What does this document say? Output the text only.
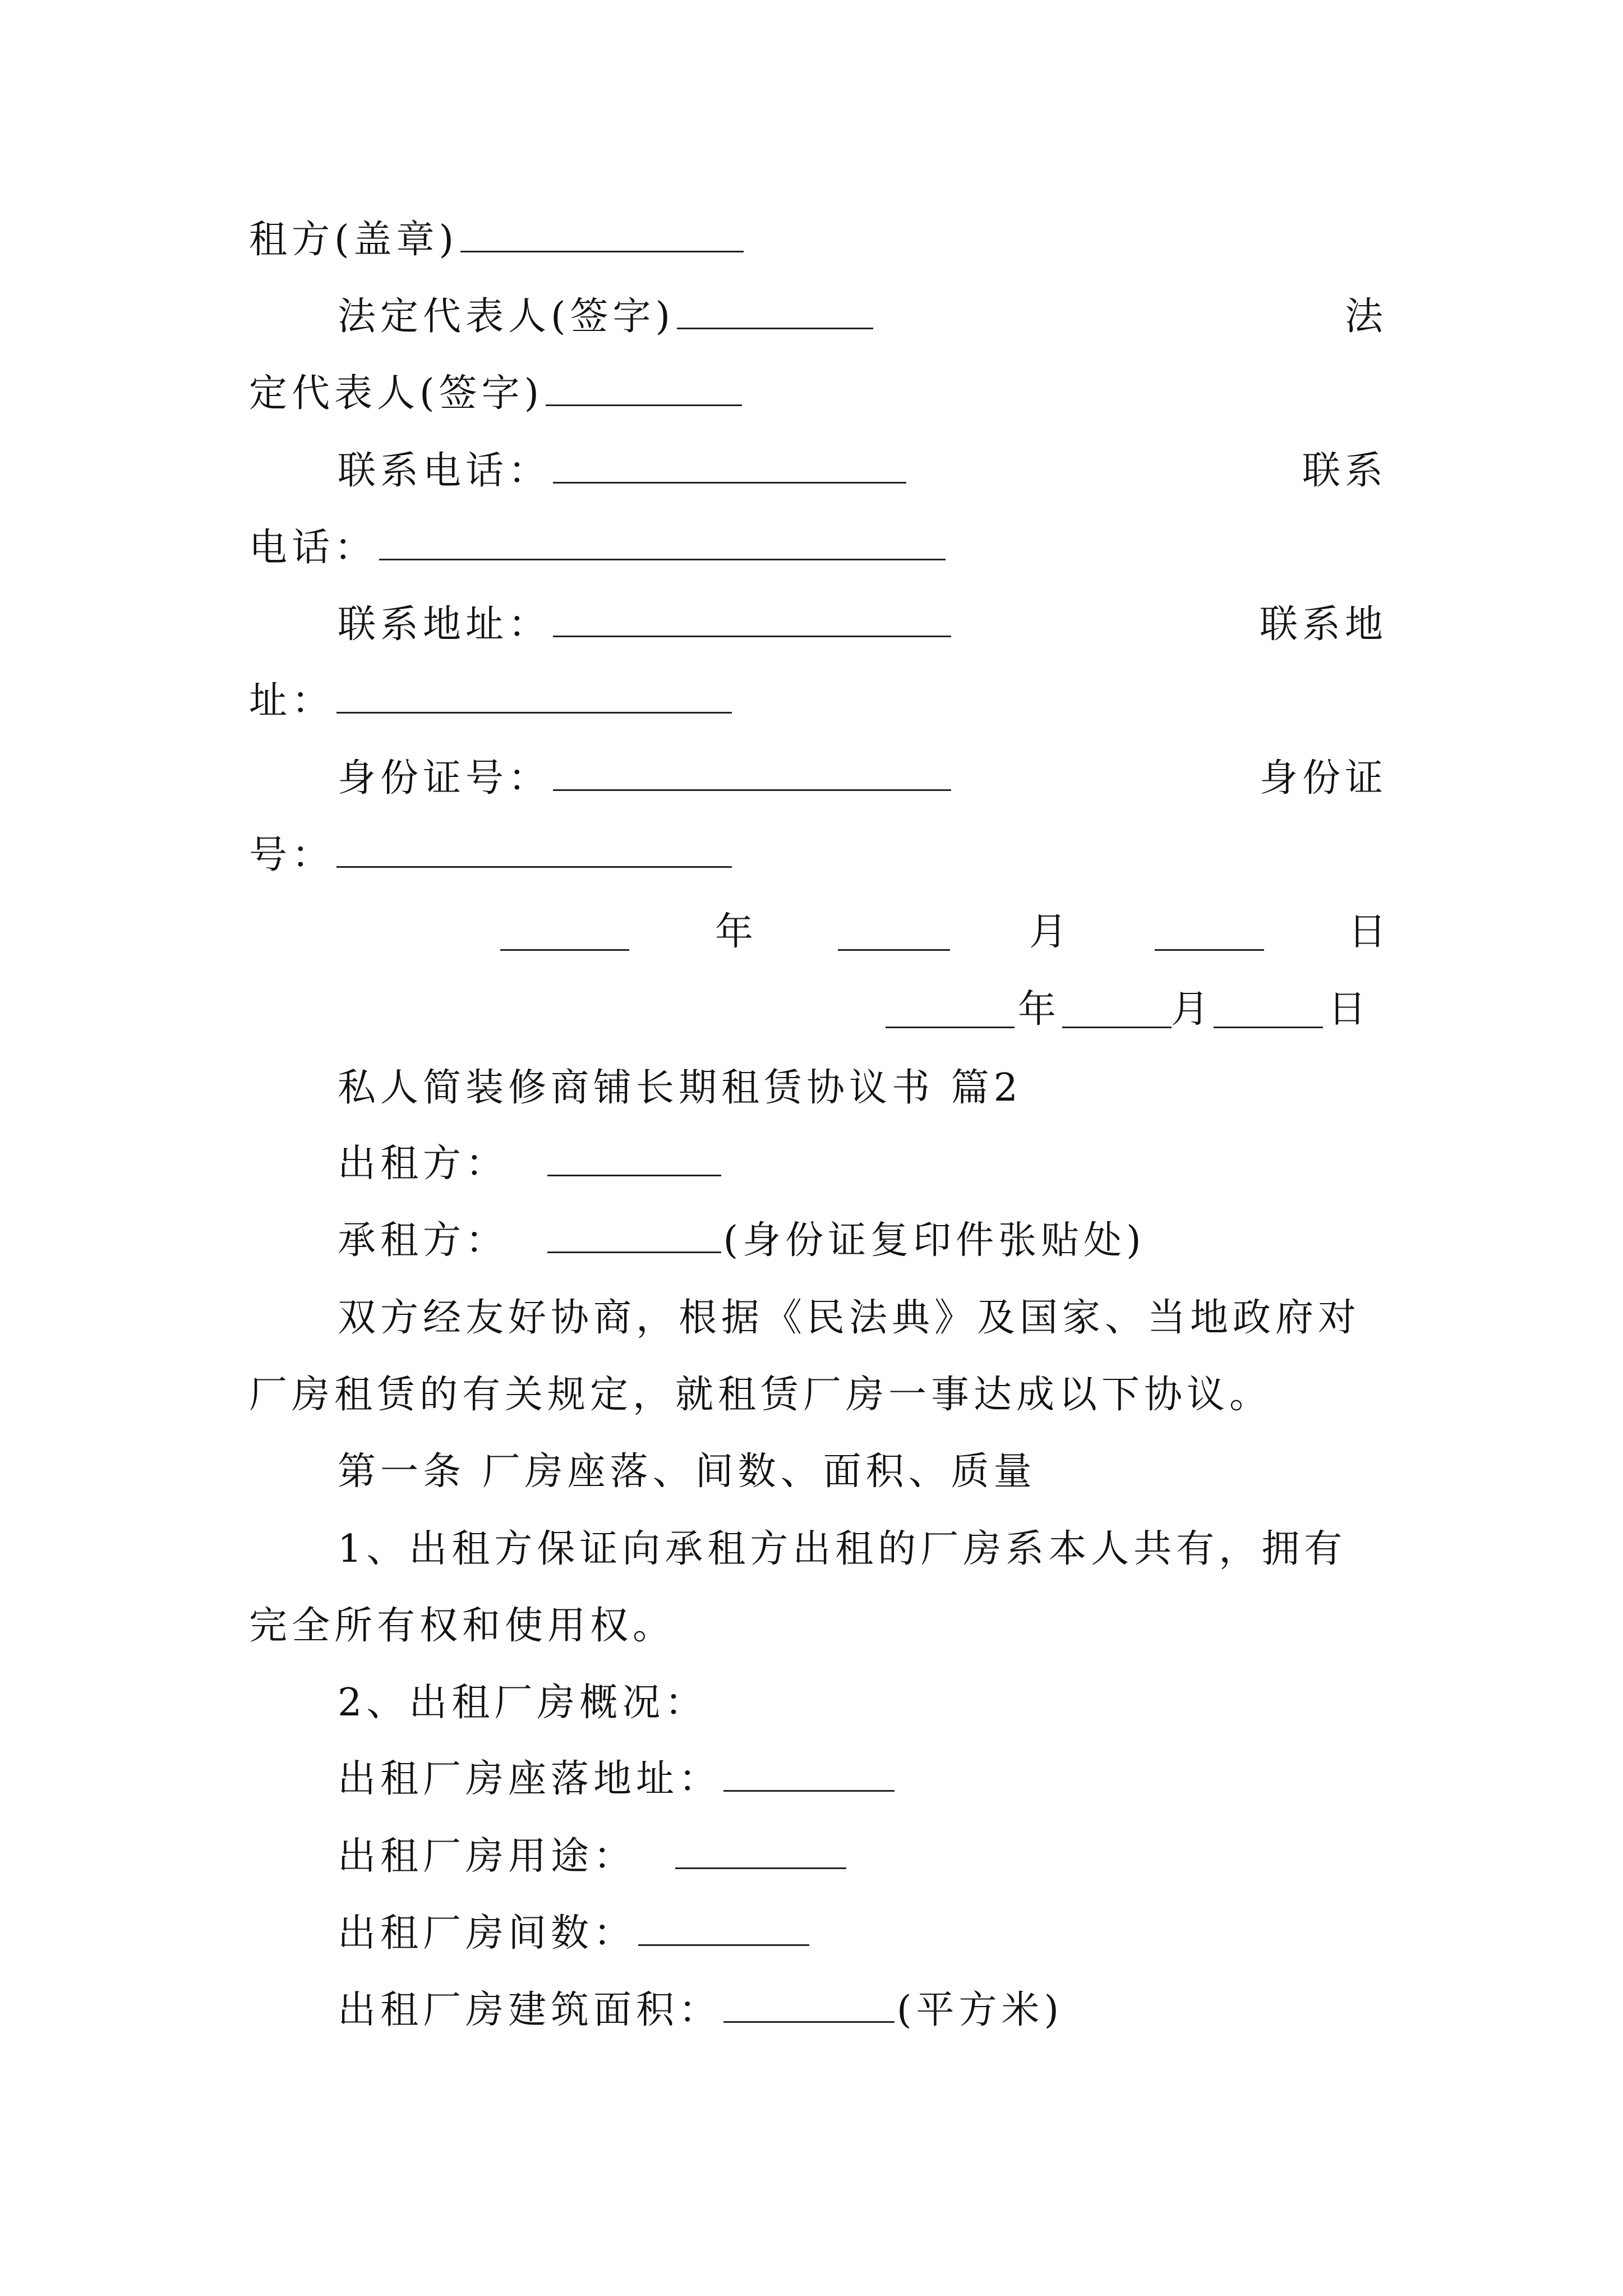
租方(盖章)
法定代表人(签字)	法
定代表人(签字)
联系电话：	联系
电话：
联系地址：	联系地
址：
身份证号：	身份证
号：
年	月	日
年	月	日
私人简装修商铺长期租赁协议书 篇2
出租方：
承租方：	(身份证复印件张贴处)
双方经友好协商，根据《民法典》及国家、当地政府对
厂房租赁的有关规定，就租赁厂房一事达成以下协议。
第一条 厂房座落、间数、面积、质量
1、出租方保证向承租方出租的厂房系本人共有，拥有
完全所有权和使用权。
2、出租厂房概况：
出租厂房座落地址：
出租厂房用途：
出租厂房间数：
出租厂房建筑面积：	(平方米)
